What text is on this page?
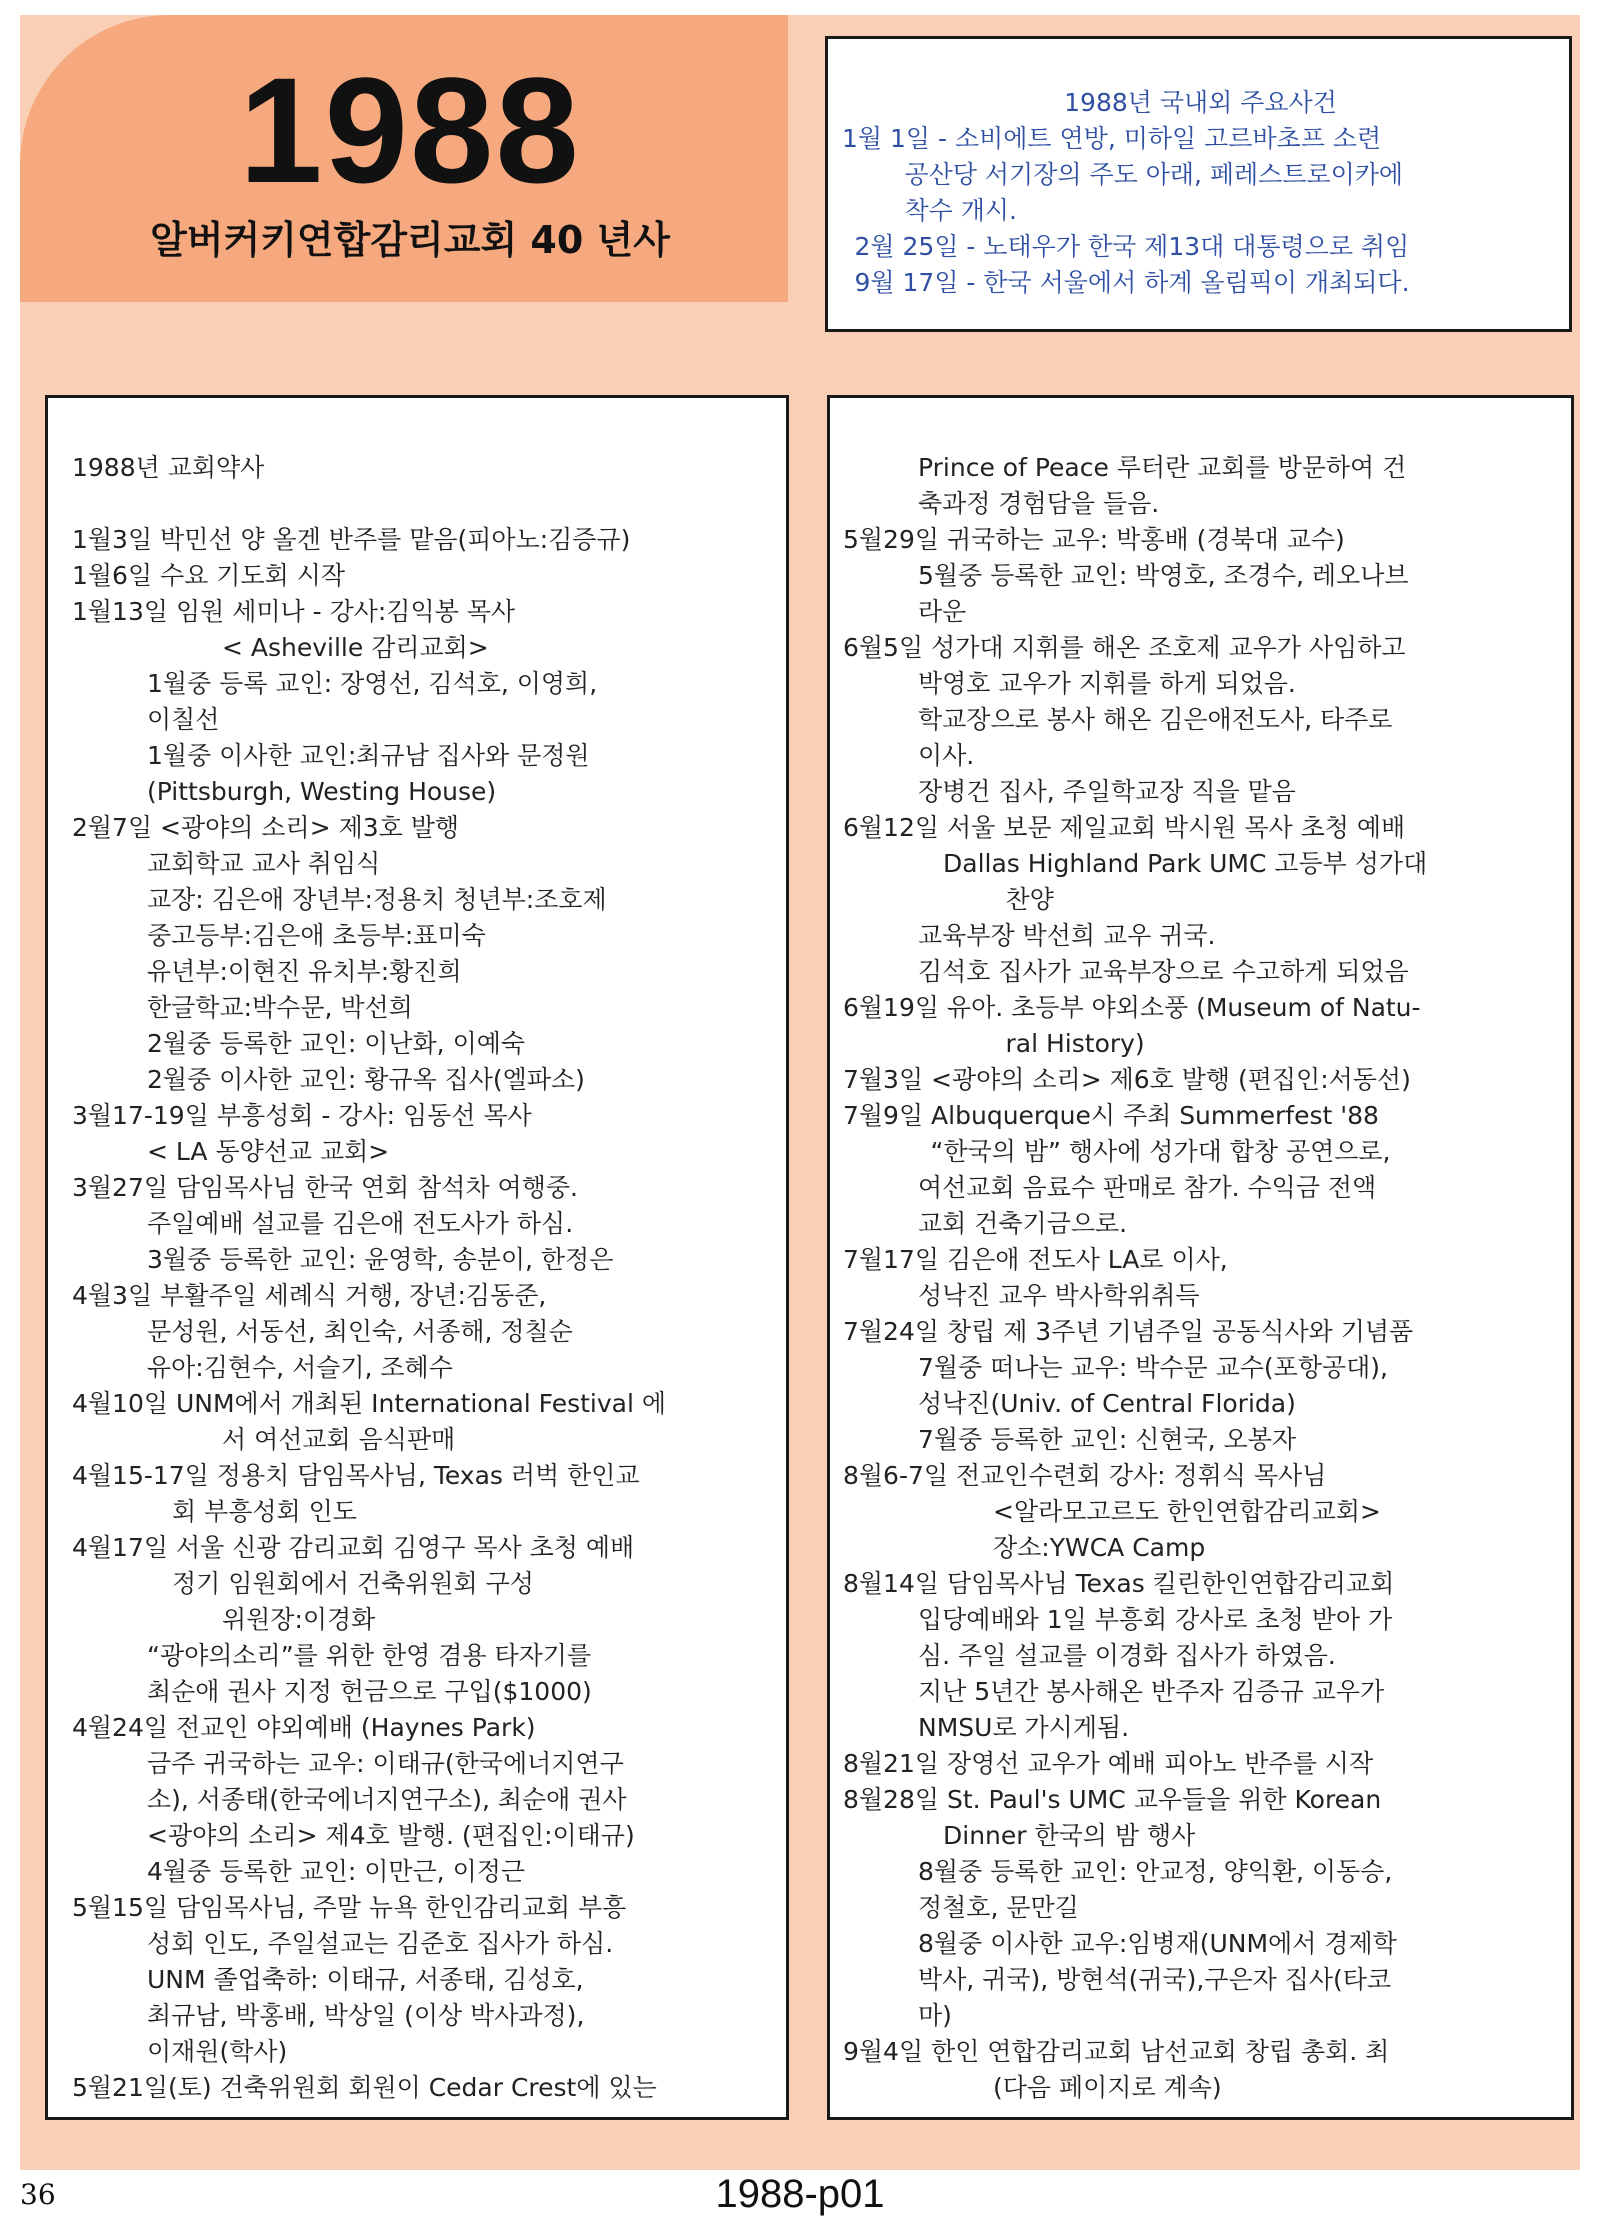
1988
알버커키연합감리교회 40 년사
1988년 국내외 주요사건
1월 1일 - 소비에트 연방, 미하일 고르바초프 소련
공산당 서기장의 주도 아래, 페레스트로이카에
착수 개시.
2월 25일 - 노태우가 한국 제13대 대통령으로 취임
9월 17일 - 한국 서울에서 하계 올림픽이 개최되다.
1988년 교회약사
1월3일 박민선 양 올겐 반주를 맡음(피아노:김증규)
1월6일 수요 기도회 시작
1월13일 임원 세미나 - 강사:김익봉 목사
< Asheville 감리교회>
1월중 등록 교인: 장영선, 김석호, 이영희,
이칠선
1월중 이사한 교인:최규남 집사와 문정원
(Pittsburgh, Westing House)
2월7일 <광야의 소리> 제3호 발행
교회학교 교사 취임식
교장: 김은애 장년부:정용치 청년부:조호제
중고등부:김은애 초등부:표미숙
유년부:이현진 유치부:황진희
한글학교:박수문, 박선희
2월중 등록한 교인: 이난화, 이예숙
2월중 이사한 교인: 황규옥 집사(엘파소)
3월17-19일 부흥성회 - 강사: 임동선 목사
< LA 동양선교 교회>
3월27일 담임목사님 한국 연회 참석차 여행중.
주일예배 설교를 김은애 전도사가 하심.
3월중 등록한 교인: 윤영학, 송분이, 한정은
4월3일 부활주일 세례식 거행, 장년:김동준,
문성원, 서동선, 최인숙, 서종해, 정칠순
유아:김현수, 서슬기, 조혜수
4월10일 UNM에서 개최된 International Festival 에
서 여선교회 음식판매
4월15-17일 정용치 담임목사님, Texas 러벅 한인교
회 부흥성회 인도
4월17일 서울 신광 감리교회 김영구 목사 초청 예배
정기 임원회에서 건축위원회 구성
위원장:이경화
“광야의소리”를 위한 한영 겸용 타자기를
최순애 권사 지정 헌금으로 구입($1000)
4월24일 전교인 야외예배 (Haynes Park)
금주 귀국하는 교우: 이태규(한국에너지연구
소), 서종태(한국에너지연구소), 최순애 권사
<광야의 소리> 제4호 발행. (편집인:이태규)
4월중 등록한 교인: 이만근, 이정근
5월15일 담임목사님, 주말 뉴욕 한인감리교회 부흥
성회 인도, 주일설교는 김준호 집사가 하심.
UNM 졸업축하: 이태규, 서종태, 김성호,
최규남, 박홍배, 박상일 (이상 박사과정),
이재원(학사)
5월21일(토) 건축위원회 회원이 Cedar Crest에 있는
Prince of Peace 루터란 교회를 방문하여 건
축과정 경험담을 들음.
5월29일 귀국하는 교우: 박홍배 (경북대 교수)
5월중 등록한 교인: 박영호, 조경수, 레오나브
라운
6월5일 성가대 지휘를 해온 조호제 교우가 사임하고
박영호 교우가 지휘를 하게 되었음.
학교장으로 봉사 해온 김은애전도사, 타주로
이사.
장병건 집사, 주일학교장 직을 맡음
6월12일 서울 보문 제일교회 박시원 목사 초청 예배
Dallas Highland Park UMC 고등부 성가대
찬양
교육부장 박선희 교우 귀국.
김석호 집사가 교육부장으로 수고하게 되었음
6월19일 유아. 초등부 야외소풍 (Museum of Natu-
ral History)
7월3일 <광야의 소리> 제6호 발행 (편집인:서동선)
7월9일 Albuquerque시 주최 Summerfest '88
“한국의 밤” 행사에 성가대 합창 공연으로,
여선교회 음료수 판매로 참가. 수익금 전액
교회 건축기금으로.
7월17일 김은애 전도사 LA로 이사,
성낙진 교우 박사학위취득
7월24일 창립 제 3주년 기념주일 공동식사와 기념품
7월중 떠나는 교우: 박수문 교수(포항공대),
성낙진(Univ. of Central Florida)
7월중 등록한 교인: 신현국, 오봉자
8월6-7일 전교인수련회 강사: 정휘식 목사님
<알라모고르도 한인연합감리교회>
장소:YWCA Camp
8월14일 담임목사님 Texas 킬린한인연합감리교회
입당예배와 1일 부흥회 강사로 초청 받아 가
심. 주일 설교를 이경화 집사가 하였음.
지난 5년간 봉사해온 반주자 김증규 교우가
NMSU로 가시게됨.
8월21일 장영선 교우가 예배 피아노 반주를 시작
8월28일 St. Paul's UMC 교우들을 위한 Korean
Dinner 한국의 밤 행사
8월중 등록한 교인: 안교정, 양익환, 이동승,
정철호, 문만길
8월중 이사한 교우:임병재(UNM에서 경제학
박사, 귀국), 방현석(귀국),구은자 집사(타코
마)
9월4일 한인 연합감리교회 남선교회 창립 총회. 최
(다음 페이지로 계속)
36	1988-p01
